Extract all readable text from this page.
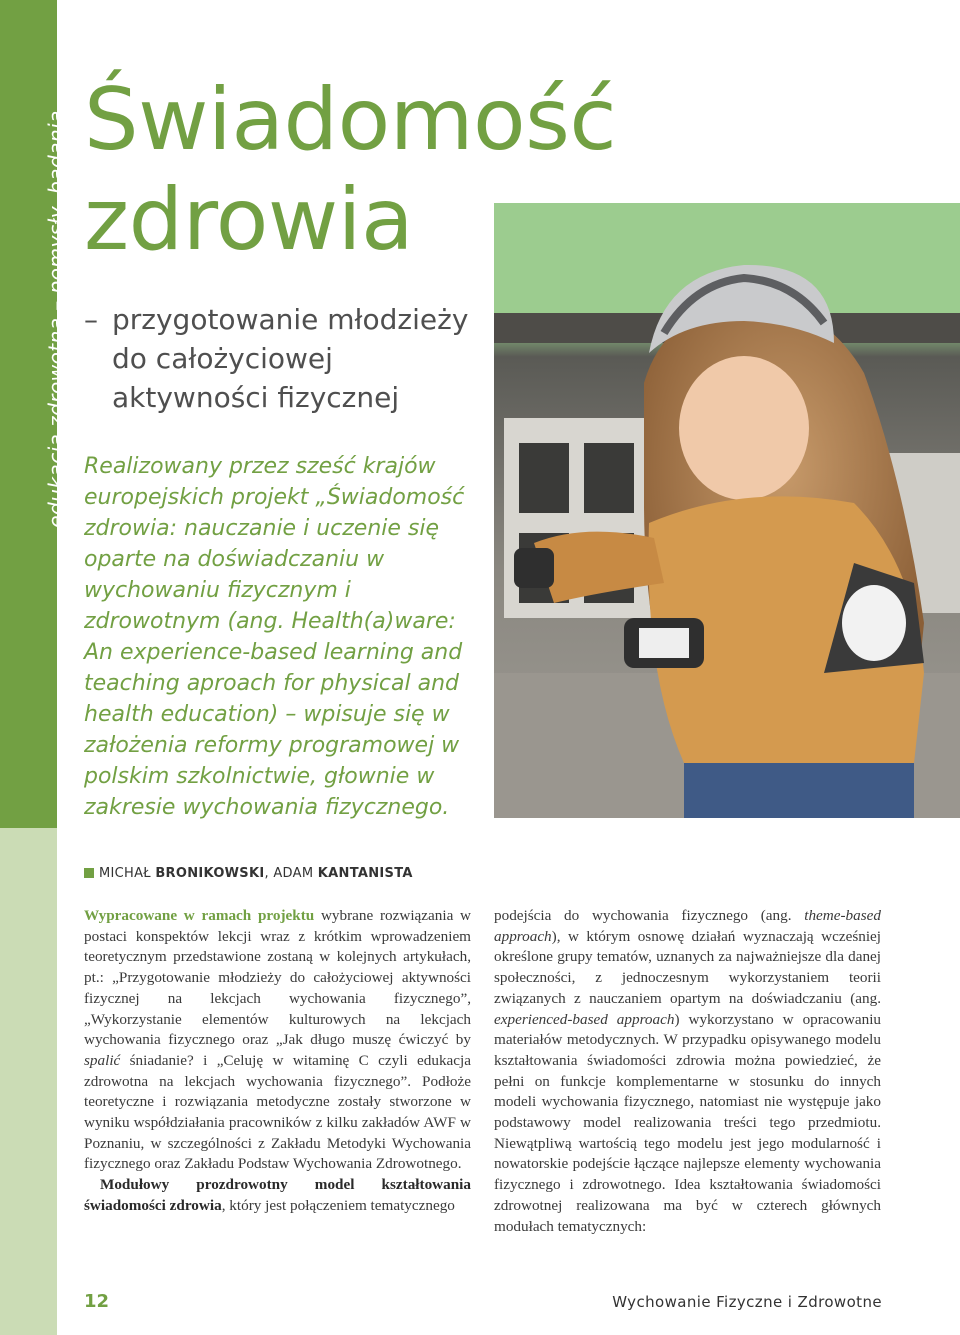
edukacja zdrowotna – pomysły, badania Świadomość
zdrowia
– przygotowanie młodzieży do całożyciowej aktywności fizycznej
Realizowany przez sześć krajów europejskich projekt „Świadomość zdrowia: nauczanie i uczenie się oparte na doświadczaniu w wychowaniu fizycznym i zdrowotnym (ang. Health(a)ware: An experience-based learning and teaching aproach for physical and health education) – wpisuje się w założenia reformy programowej w polskim szkolnictwie, głownie w zakresie wychowania fizycznego.
MICHAŁ BRONIKOWSKI, ADAM KANTANISTA

Wypracowane w ramach projektu wybrane rozwiązania w postaci konspektów lekcji wraz z krótkim wprowadzeniem teoretycznym przedstawione zostaną w kolejnych artykułach, pt.: „Przygotowanie młodzieży do całożyciowej aktywności fizycznej na lekcjach wychowania fizycznego”, „Wykorzystanie elementów kulturowych na lekcjach wychowania fizycznego oraz „Jak długo muszę ćwiczyć by spalić śniadanie? i „Celuję w witaminę C czyli edukacja zdrowotna na lekcjach wychowania fizycznego”. Podłoże teoretyczne i rozwiązania metodyczne zostały stworzone w wyniku współdziałania pracowników z kilku zakładów AWF w Poznaniu, w szczególności z Zakładu Metodyki Wychowania fizycznego oraz Zakładu Podstaw Wychowania Zdrowotnego.

Modułowy prozdrowotny model kształtowania świadomości zdrowia, który jest połączeniem tematycznego

podejścia do wychowania fizycznego (ang. theme-based approach), w którym osnowę działań wyznaczają wcześniej określone grupy tematów, uznanych za najważniejsze dla danej społeczności, z jednoczesnym wykorzystaniem teorii związanych z nauczaniem opartym na doświadczaniu (ang. experienced-based approach) wykorzystano w opracowaniu materiałów metodycznych. W przypadku opisywanego modelu kształtowania świadomości zdrowia można powiedzieć, że pełni on funkcje komplementarne w stosunku do innych modeli wychowania fizycznego, natomiast nie występuje jako podstawowy model realizowania treści tego przedmiotu. Niewątpliwą wartością tego modelu jest jego modularność i nowatorskie podejście łączące najlepsze elementy wychowania fizycznego i zdrowotnego. Idea kształtowania świadomości zdrowotnej realizowana ma być w czterech głównych modułach tematycznych:

12	Wychowanie Fizyczne i Zdrowotne
